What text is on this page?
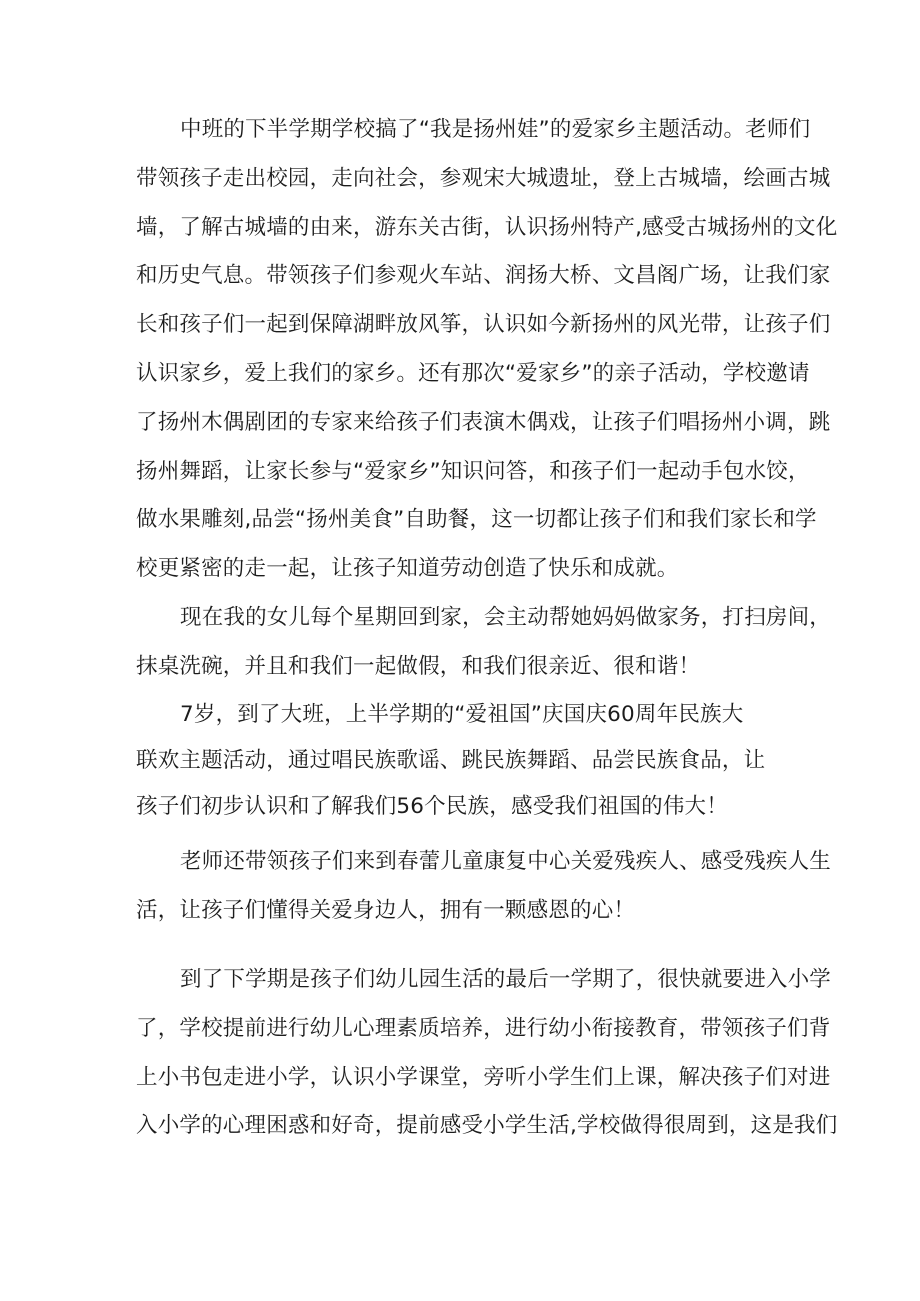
中班的下半学期学校搞了“我是扬州娃”的爱家乡主题活动。老师们
带领孩子走出校园，走向社会，参观宋大城遗址，登上古城墙，绘画古城
墙，了解古城墙的由来，游东关古街，认识扬州特产,感受古城扬州的文化
和历史气息。带领孩子们参观火车站、润扬大桥、文昌阁广场，让我们家
长和孩子们一起到保障湖畔放风筝，认识如今新扬州的风光带，让孩子们
认识家乡，爱上我们的家乡。还有那次“爱家乡”的亲子活动，学校邀请
了扬州木偶剧团的专家来给孩子们表演木偶戏，让孩子们唱扬州小调，跳
扬州舞蹈，让家长参与“爱家乡”知识问答，和孩子们一起动手包水饺，
做水果雕刻,品尝“扬州美食”自助餐，这一切都让孩子们和我们家长和学
校更紧密的走一起，让孩子知道劳动创造了快乐和成就。

现在我的女儿每个星期回到家，会主动帮她妈妈做家务，打扫房间，
抹桌洗碗，并且和我们一起做假，和我们很亲近、很和谐！

7岁，到了大班，上半学期的“爱祖国”庆国庆60周年民族大
联欢主题活动，通过唱民族歌谣、跳民族舞蹈、品尝民族食品，让
孩子们初步认识和了解我们56个民族，感受我们祖国的伟大！

老师还带领孩子们来到春蕾儿童康复中心关爱残疾人、感受残疾人生
活，让孩子们懂得关爱身边人，拥有一颗感恩的心！

到了下学期是孩子们幼儿园生活的最后一学期了，很快就要进入小学
了，学校提前进行幼儿心理素质培养，进行幼小衔接教育，带领孩子们背
上小书包走进小学，认识小学课堂，旁听小学生们上课，解决孩子们对进
入小学的心理困惑和好奇，提前感受小学生活,学校做得很周到，这是我们
